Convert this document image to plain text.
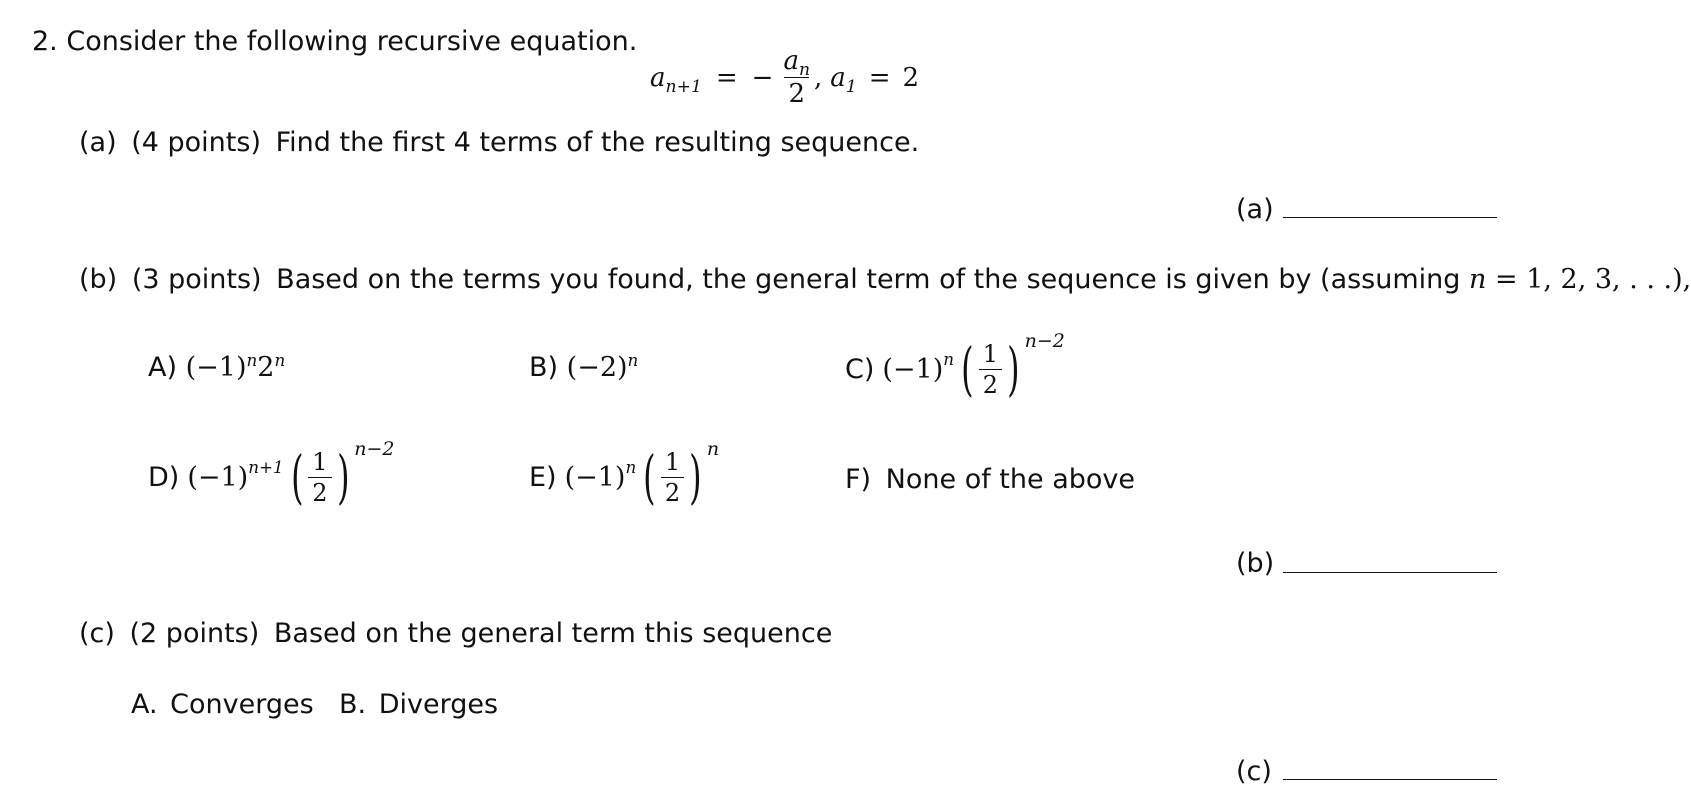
2. Consider the following recursive equation.
$a_{n+1}$ = − $\frac{a_n}{2}$ , $a_1 = 2$
(a) (4 points) Find the first 4 terms of the resulting sequence.
(a)
(b) (3 points) Based on the terms you found, the general term of the sequence is given by (assuming n = 1, 2, 3, . . .),
A) $(-1)^n2^n$	B) $(-2)^n$	C) (−1) n ( $\frac{1}{2}$ ) n−2
D) (−1) n+1 ( $\frac{1}{2}$ ) n−2
E) (−1) n ( $\frac{1}{2}$ ) n
F) None of the above
(b)
(c) (2 points) Based on the general term this sequence
A. Converges B. Diverges
(c)
